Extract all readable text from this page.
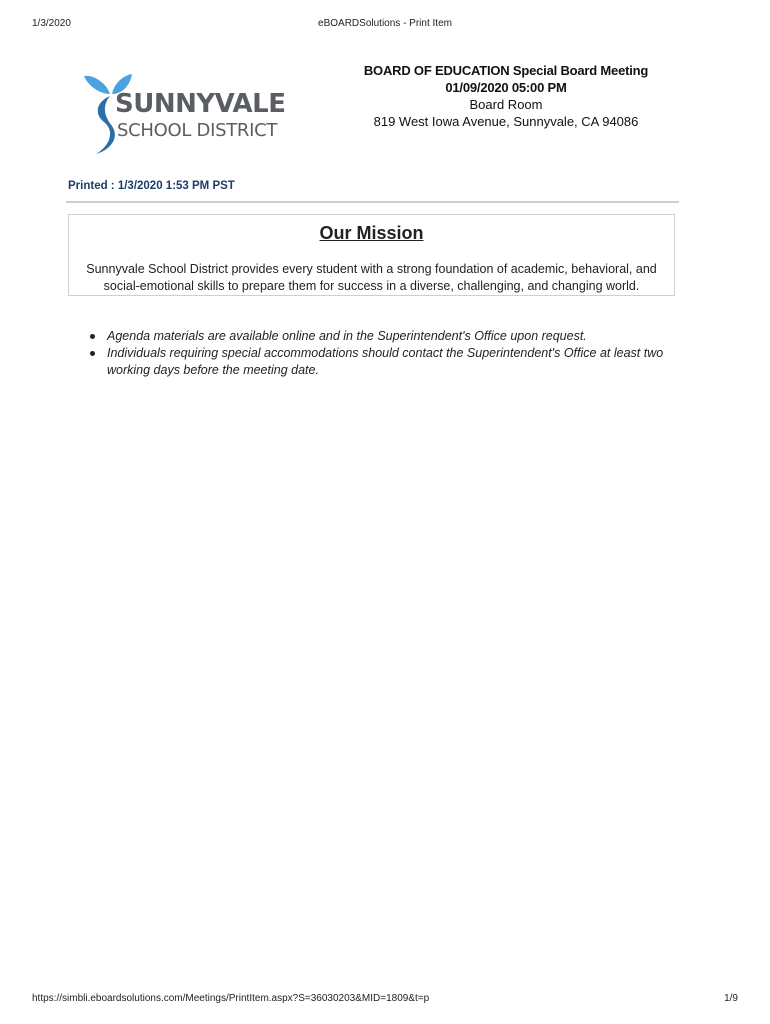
1/3/2020	eBOARDSolutions - Print Item
SUNNYVALE
SCHOOL DISTRICT
BOARD OF EDUCATION Special Board Meeting
01/09/2020 05:00 PM
Board Room
819 West Iowa Avenue, Sunnyvale, CA 94086
Printed : 1/3/2020 1:53 PM PST
Our Mission
Sunnyvale School District provides every student with a strong foundation of academic, behavioral, and social-emotional skills to prepare them for success in a diverse, challenging, and changing world.
Agenda materials are available online and in the Superintendent's Office upon request.
Individuals requiring special accommodations should contact the Superintendent's Office at least two working days before the meeting date.
https://simbli.eboardsolutions.com/Meetings/PrintItem.aspx?S=36030203&MID=1809&t=p	1/9
